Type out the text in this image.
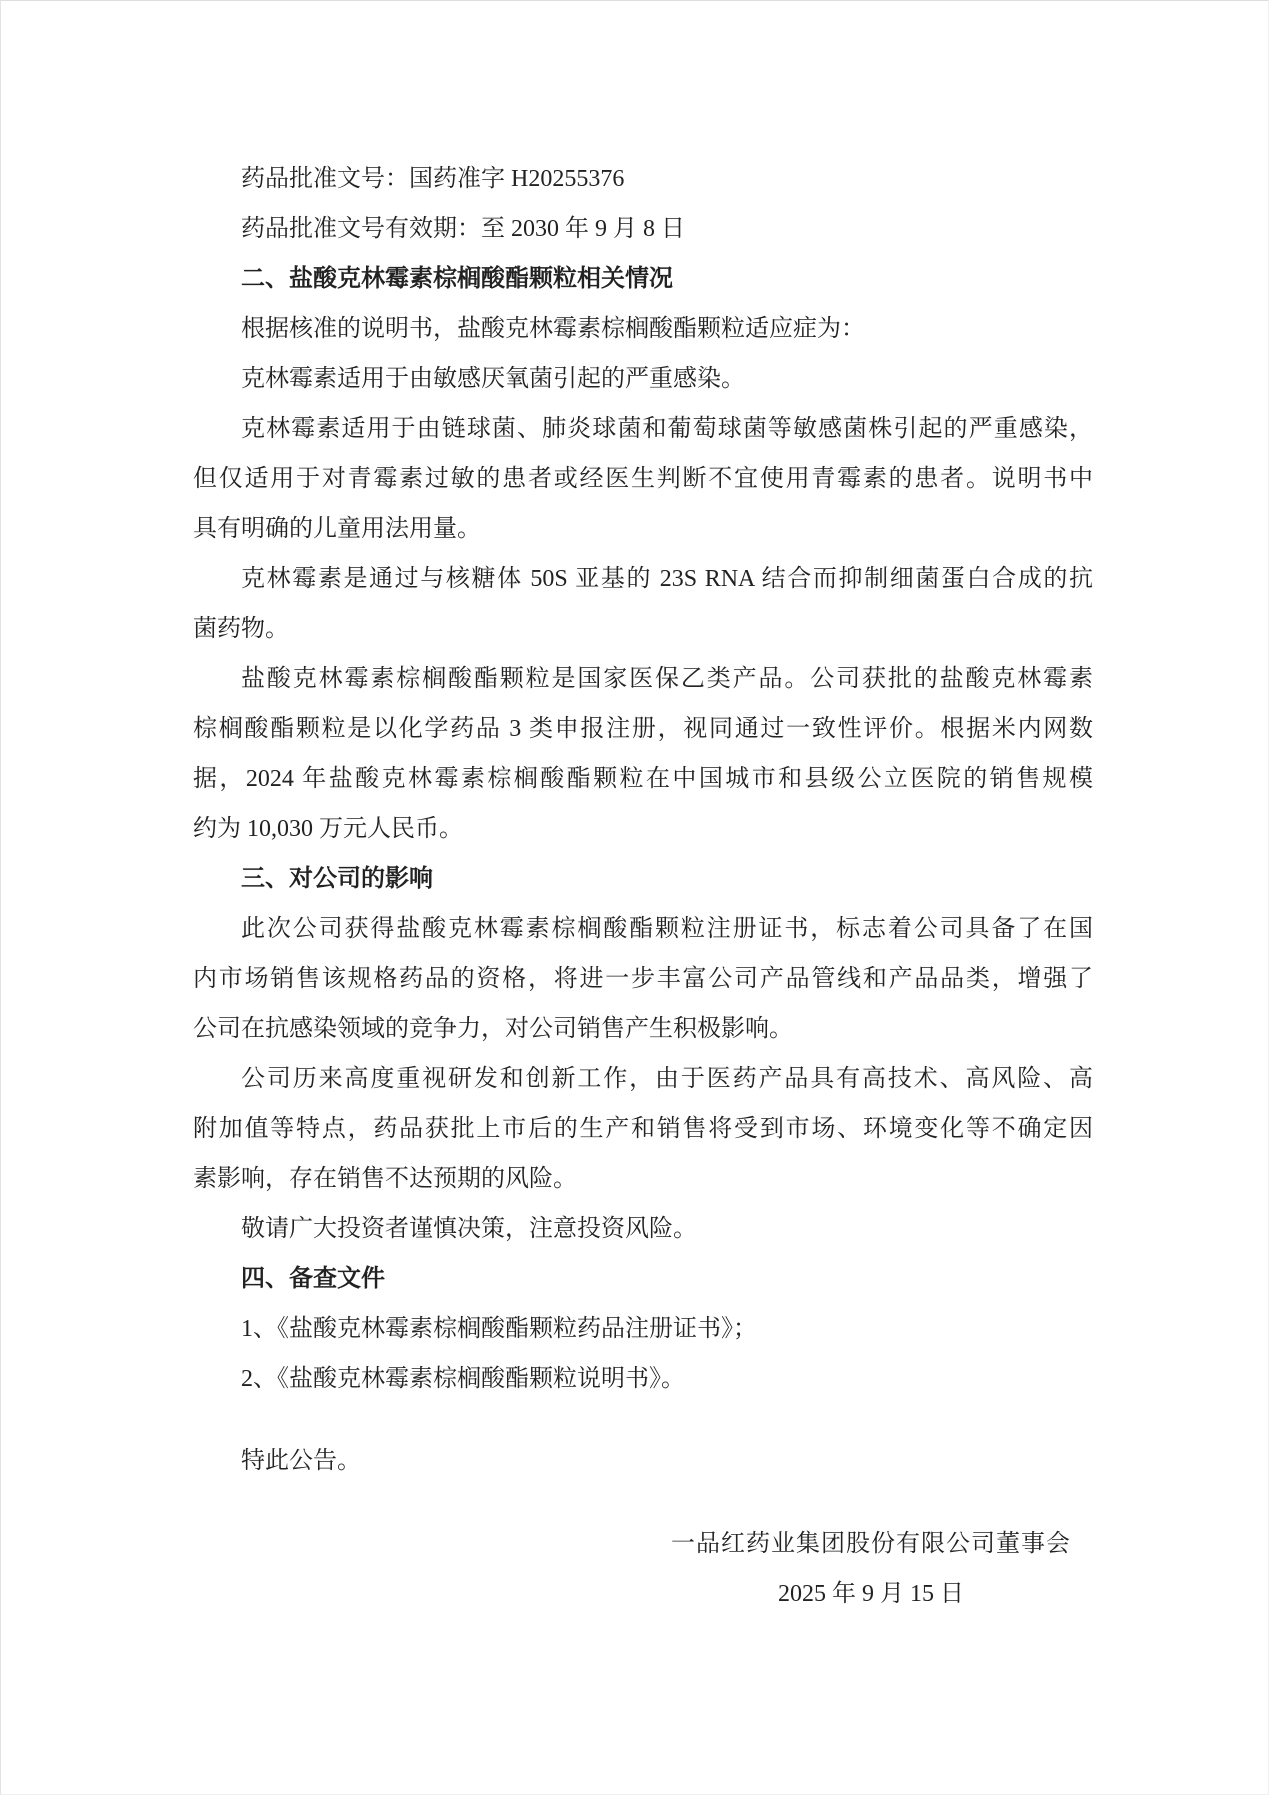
药品批准文号：国药准字 H20255376
药品批准文号有效期：至 2030 年 9 月 8 日
二、盐酸克林霉素棕榈酸酯颗粒相关情况
根据核准的说明书，盐酸克林霉素棕榈酸酯颗粒适应症为：
克林霉素适用于由敏感厌氧菌引起的严重感染。
克林霉素适用于由链球菌、肺炎球菌和葡萄球菌等敏感菌株引起的严重感染，
但仅适用于对青霉素过敏的患者或经医生判断不宜使用青霉素的患者。说明书中
具有明确的儿童用法用量。
克林霉素是通过与核糖体 50S 亚基的 23S RNA 结合而抑制细菌蛋白合成的抗
菌药物。
盐酸克林霉素棕榈酸酯颗粒是国家医保乙类产品。公司获批的盐酸克林霉素
棕榈酸酯颗粒是以化学药品 3 类申报注册，视同通过一致性评价。根据米内网数
据，2024 年盐酸克林霉素棕榈酸酯颗粒在中国城市和县级公立医院的销售规模
约为 10,030 万元人民币。
三、对公司的影响
此次公司获得盐酸克林霉素棕榈酸酯颗粒注册证书，标志着公司具备了在国
内市场销售该规格药品的资格，将进一步丰富公司产品管线和产品品类，增强了
公司在抗感染领域的竞争力，对公司销售产生积极影响。
公司历来高度重视研发和创新工作，由于医药产品具有高技术、高风险、高
附加值等特点，药品获批上市后的生产和销售将受到市场、环境变化等不确定因
素影响，存在销售不达预期的风险。
敬请广大投资者谨慎决策，注意投资风险。
四、备查文件
1、《盐酸克林霉素棕榈酸酯颗粒药品注册证书》；
2、《盐酸克林霉素棕榈酸酯颗粒说明书》。
特此公告。
一品红药业集团股份有限公司董事会
2025 年 9 月 15 日
